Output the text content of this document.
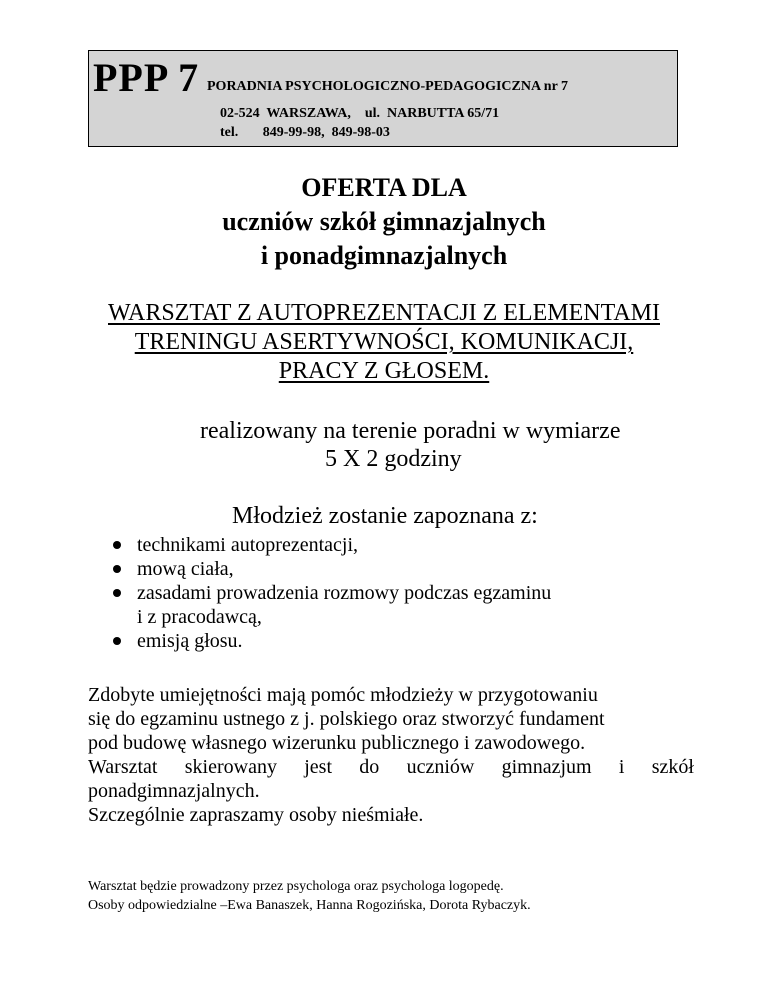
PPP 7 PORADNIA PSYCHOLOGICZNO-PEDAGOGICZNA nr 7
02-524  WARSZAWA,    ul.  NARBUTTA 65/71
tel.       849-99-98,  849-98-03
OFERTA DLA
uczniów szkół gimnazjalnych
i ponadgimnazjalnych
WARSZTAT Z AUTOPREZENTACJI Z ELEMENTAMI
TRENINGU ASERTYWNOŚCI, KOMUNIKACJI,
PRACY Z GŁOSEM.
realizowany na terenie poradni w wymiarze
5 X 2 godziny
Młodzież zostanie zapoznana z:
technikami autoprezentacji,
mową ciała,
zasadami prowadzenia rozmowy podczas egzaminu
i z pracodawcą,
emisją głosu.
Zdobyte umiejętności mają pomóc młodzieży w przygotowaniu
się do egzaminu ustnego z j. polskiego oraz stworzyć fundament
pod budowę własnego wizerunku publicznego i zawodowego.
Warsztat skierowany jest do uczniów gimnazjum i szkół
ponadgimnazjalnych.
Szczególnie zapraszamy osoby nieśmiałe.
Warsztat będzie prowadzony przez psychologa oraz psychologa logopedę.
Osoby odpowiedzialne –Ewa Banaszek, Hanna Rogozińska, Dorota Rybaczyk.
